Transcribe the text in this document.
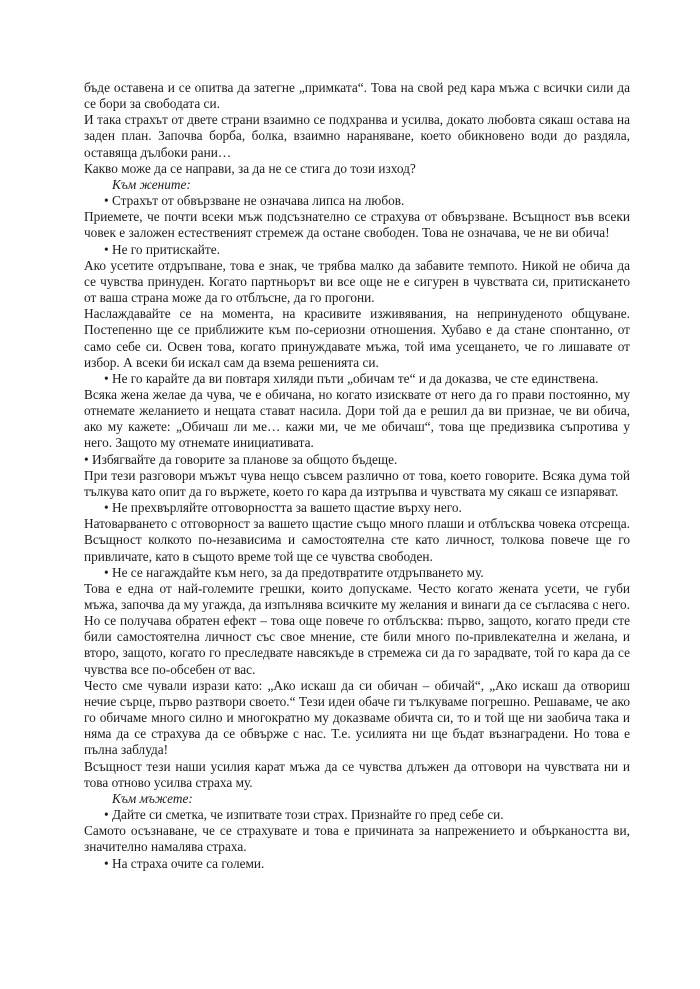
бъде оставена и се опитва да затегне „примката“. Това на свой ред кара мъжа с всички сили да се бори за свободата си.

И така страхът от двете страни взаимно се подхранва и усилва, докато любовта сякаш остава на заден план. Започва борба, болка, взаимно нараняване, което обикновено води до раздяла, оставяща дълбоки рани…

Какво може да се направи, за да не се стига до този изход?

Към жените:

• Страхът от обвързване не означава липса на любов.

Приемете, че почти всеки мъж подсъзнателно се страхува от обвързване. Всъщност във всеки човек е заложен естественият стремеж да остане свободен. Това не означава, че не ви обича!

• Не го притискайте.

Ако усетите отдръпване, това е знак, че трябва малко да забавите темпото. Никой не обича да се чувства принуден. Когато партньорът ви все още не е сигурен в чувствата си, притискането от ваша страна може да го отблъсне, да го прогони.

Наслаждавайте се на момента, на красивите изживявания, на непринуденото общуване. Постепенно ще се приближите към по-сериозни отношения. Хубаво е да стане спонтанно, от само себе си. Освен това, когато принуждавате мъжа, той има усещането, че го лишавате от избор. А всеки би искал сам да взема решенията си.

• Не го карайте да ви повтаря хиляди пъти „обичам те“ и да доказва, че сте единствена.

Всяка жена желае да чува, че е обичана, но когато изисквате от него да го прави постоянно, му отнемате желанието и нещата стават насила. Дори той да е решил да ви признае, че ви обича, ако му кажете: „Обичаш ли ме… кажи ми, че ме обичаш“, това ще предизвика съпротива у него. Защото му отнемате инициативата.

• Избягвайте да говорите за планове за общото бъдеще.

При тези разговори мъжът чува нещо съвсем различно от това, което говорите. Всяка дума той тълкува като опит да го вържете, което го кара да изтръпва и чувствата му сякаш се изпаряват.

• Не прехвърляйте отговорността за вашето щастие върху него.

Натоварването с отговорност за вашето щастие също много плаши и отблъсква човека отсреща. Всъщност колкото по-независима и самостоятелна сте като личност, толкова повече ще го привличате, като в същото време той ще се чувства свободен.

• Не се нагаждайте към него, за да предотвратите отдръпването му.

Това е една от най-големите грешки, които допускаме. Често когато жената усети, че губи мъжа, започва да му угажда, да изпълнява всичките му желания и винаги да се съгласява с него. Но се получава обратен ефект – това още повече го отблъсква: първо, защото, когато преди сте били самостоятелна личност със свое мнение, сте били много по-привлекателна и желана, и второ, защото, когато го преследвате навсякъде в стремежа си да го зарадвате, той го кара да се чувства все по-обсебен от вас.

Често сме чували изрази като: „Ако искаш да си обичан – обичай“, „Ако искаш да отвориш нечие сърце, първо разтвори своето.“ Тези идеи обаче ги тълкуваме погрешно. Решаваме, че ако го обичаме много силно и многократно му доказваме обичта си, то и той ще ни заобича така и няма да се страхува да се обвърже с нас. Т.е. усилията ни ще бъдат възнаградени. Но това е пълна заблуда!

Всъщност тези наши усилия карат мъжа да се чувства длъжен да отговори на чувствата ни и това отново усилва страха му.

Към мъжете:

• Дайте си сметка, че изпитвате този страх. Признайте го пред себе си.

Самото осъзнаване, че се страхувате и това е причината за напрежението и объркаността ви, значително намалява страха.

• На страха очите са големи.
